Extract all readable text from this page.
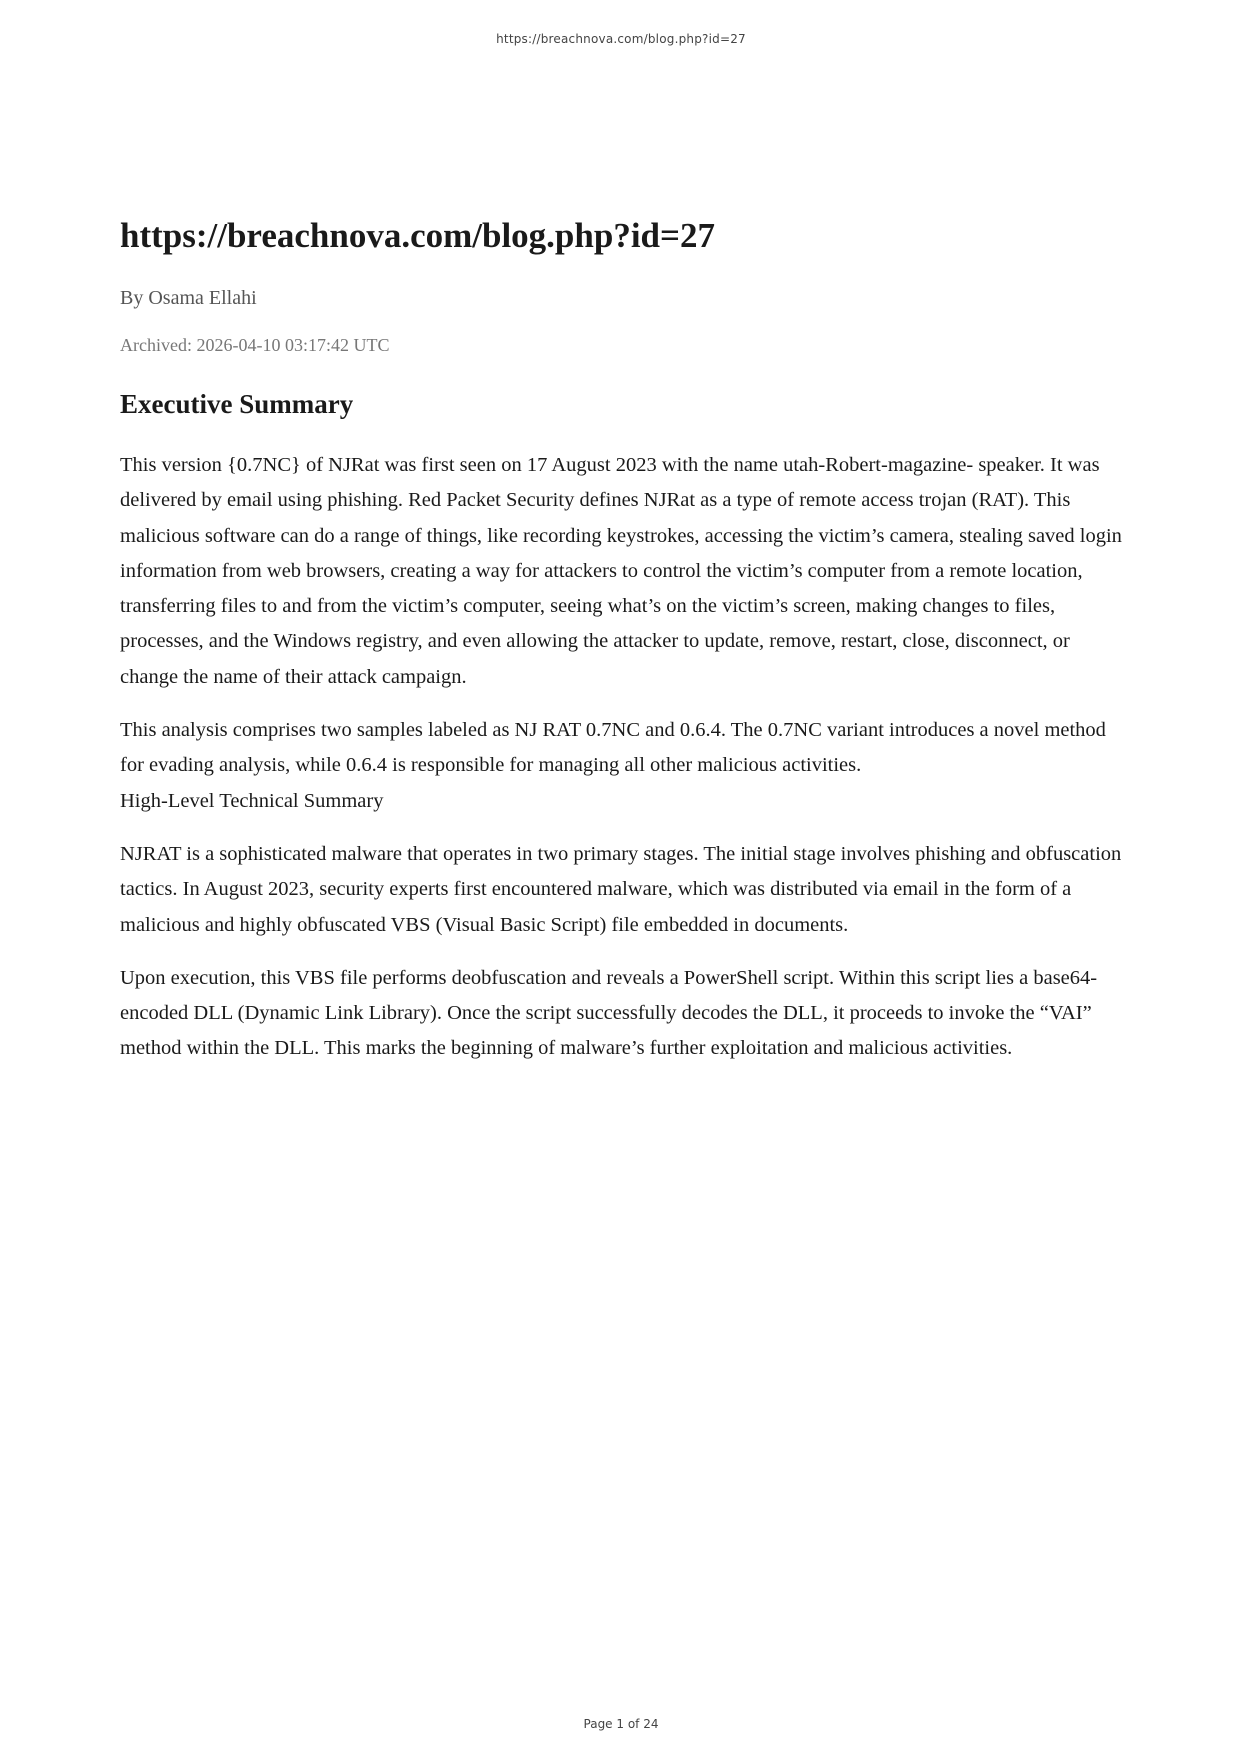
https://breachnova.com/blog.php?id=27
https://breachnova.com/blog.php?id=27

By Osama Ellahi

Archived: 2026-04-10 03:17:42 UTC

Executive Summary

This version {0.7NC} of NJRat was first seen on 17 August 2023 with the name utah-Robert-magazine- speaker. It was delivered by email using phishing. Red Packet Security defines NJRat as a type of remote access trojan (RAT). This malicious software can do a range of things, like recording keystrokes, accessing the victim’s camera, stealing saved login information from web browsers, creating a way for attackers to control the victim’s computer from a remote location, transferring files to and from the victim’s computer, seeing what’s on the victim’s screen, making changes to files, processes, and the Windows registry, and even allowing the attacker to update, remove, restart, close, disconnect, or change the name of their attack campaign.

This analysis comprises two samples labeled as NJ RAT 0.7NC and 0.6.4. The 0.7NC variant introduces a novel method for evading analysis, while 0.6.4 is responsible for managing all other malicious activities.

High-Level Technical Summary

NJRAT is a sophisticated malware that operates in two primary stages. The initial stage involves phishing and obfuscation tactics. In August 2023, security experts first encountered malware, which was distributed via email in the form of a malicious and highly obfuscated VBS (Visual Basic Script) file embedded in documents.

Upon execution, this VBS file performs deobfuscation and reveals a PowerShell script. Within this script lies a base64-encoded DLL (Dynamic Link Library). Once the script successfully decodes the DLL, it proceeds to invoke the “VAI” method within the DLL. This marks the beginning of malware’s further exploitation and malicious activities.

Page 1 of 24
